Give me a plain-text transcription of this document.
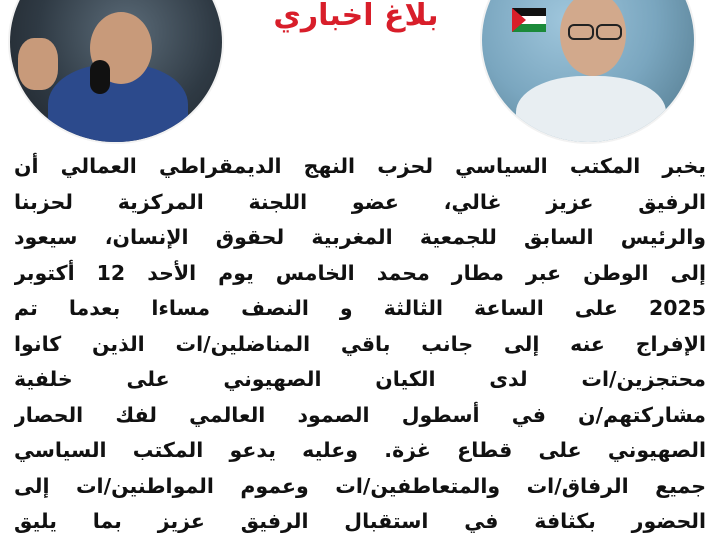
بلاغ اخباري
يخبر المكتب السياسي لحزب النهج الديمقراطي العمالي أن
الرفيق عزيز غالي، عضو اللجنة المركزية لحزبنا
والرئيس السابق للجمعية المغربية لحقوق الإنسان، سيعود
إلى الوطن عبر مطار محمد الخامس يوم الأحد 12 أكتوبر
2025 على الساعة الثالثة و النصف مساءا بعدما تم
الإفراج عنه إلى جانب باقي المناضلين/ات الذين كانوا
محتجزين/ات لدى الكيان الصهيوني على خلفية
مشاركتهم/ن في أسطول الصمود العالمي لفك الحصار
الصهيوني على قطاع غزة. وعليه يدعو المكتب السياسي
جميع الرفاق/ات والمتعاطفين/ات وعموم المواطنين/ات إلى
الحضور بكثافة في استقبال الرفيق عزيز بما يليق
